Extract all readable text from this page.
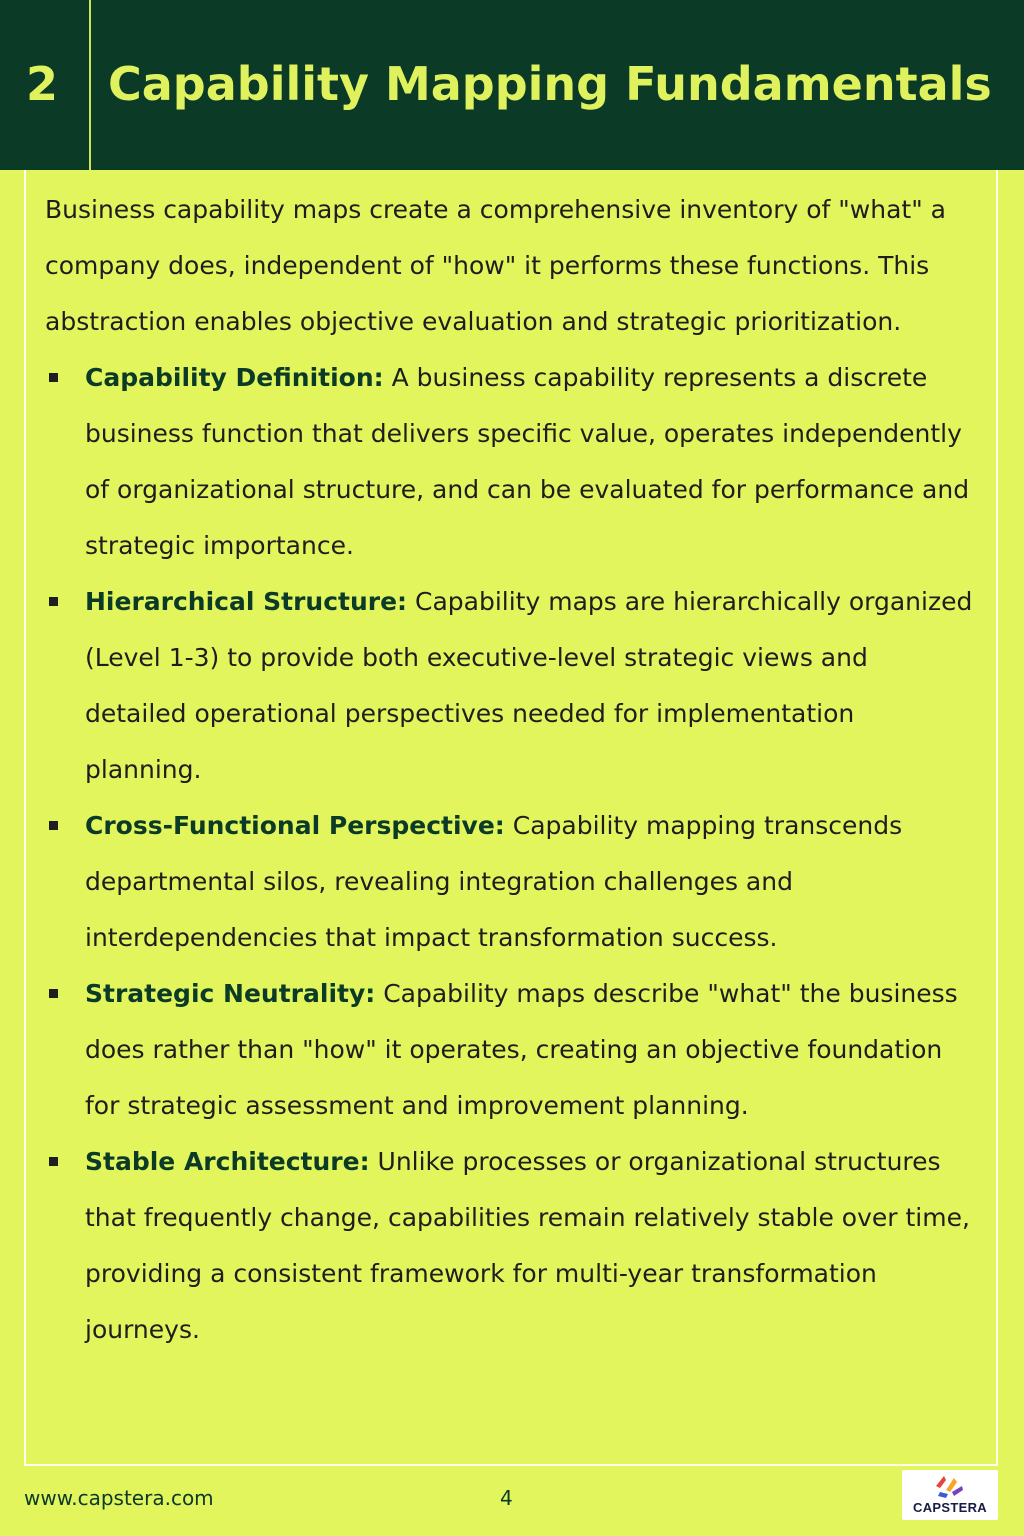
2 Capability Mapping Fundamentals

Business capability maps create a comprehensive inventory of "what" a company does, independent of "how" it performs these functions. This abstraction enables objective evaluation and strategic prioritization.

Capability Definition: A business capability represents a discrete business function that delivers specific value, operates independently of organizational structure, and can be evaluated for performance and strategic importance.
Hierarchical Structure: Capability maps are hierarchically organized (Level 1-3) to provide both executive-level strategic views and detailed operational perspectives needed for implementation planning.
Cross-Functional Perspective: Capability mapping transcends departmental silos, revealing integration challenges and interdependencies that impact transformation success.
Strategic Neutrality: Capability maps describe "what" the business does rather than "how" it operates, creating an objective foundation for strategic assessment and improvement planning.
Stable Architecture: Unlike processes or organizational structures that frequently change, capabilities remain relatively stable over time, providing a consistent framework for multi-year transformation journeys.
www.capstera.com	4	CAPSTERA
